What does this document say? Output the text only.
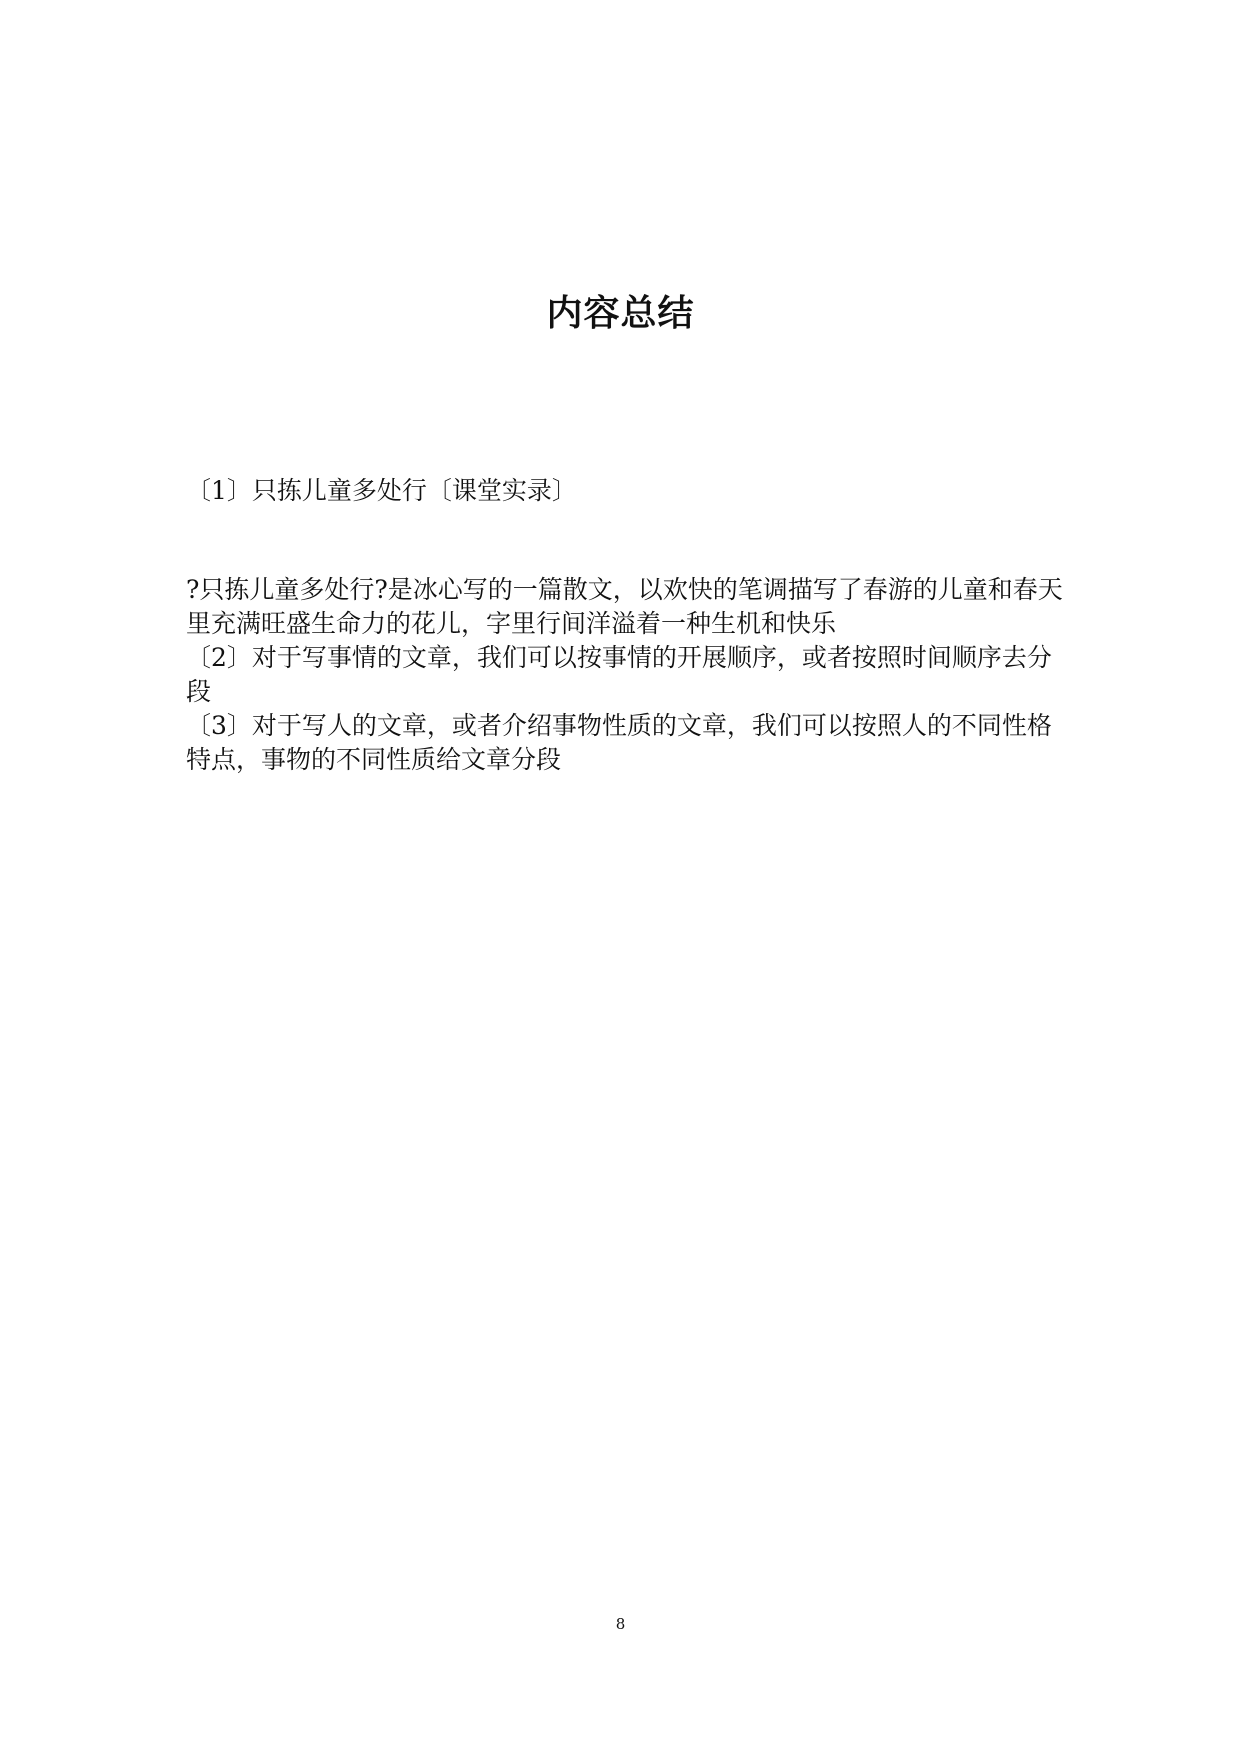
内容总结
〔1〕只拣儿童多处行〔课堂实录〕

?只拣儿童多处行?是冰心写的一篇散文，以欢快的笔调描写了春游的儿童和春天里充满旺盛生命力的花儿，字里行间洋溢着一种生机和快乐

〔2〕对于写事情的文章，我们可以按事情的开展顺序，或者按照时间顺序去分段

〔3〕对于写人的文章，或者介绍事物性质的文章，我们可以按照人的不同性格特点，事物的不同性质给文章分段

8
